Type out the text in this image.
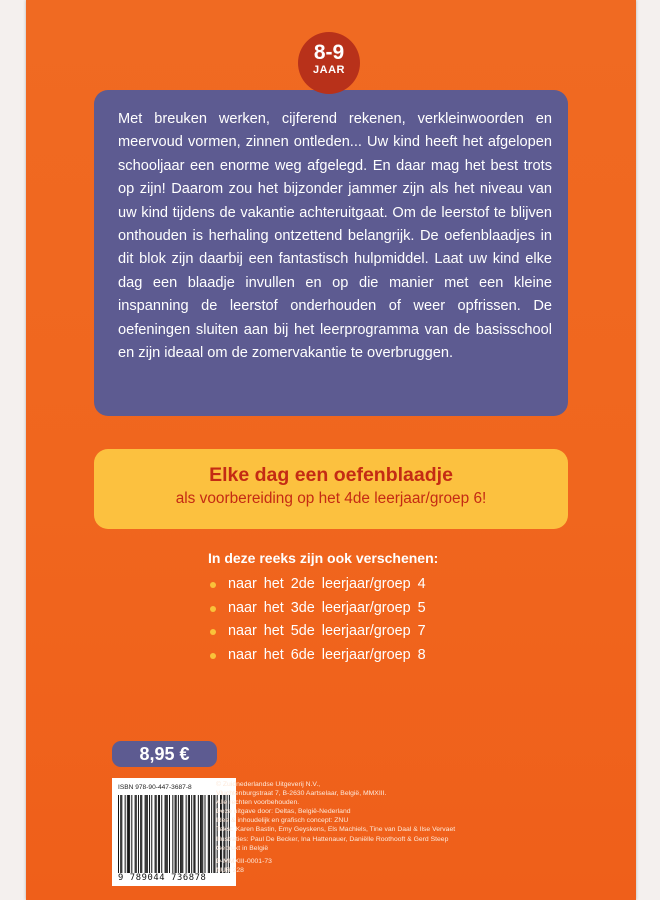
8-9
JAAR
Met breuken werken, cijferend rekenen, verkleinwoorden en meervoud vormen, zinnen ontleden... Uw kind heeft het afgelopen schooljaar een enorme weg afgelegd. En daar mag het best trots op zijn! Daarom zou het bijzonder jammer zijn als het niveau van uw kind tijdens de vakantie achteruitgaat. Om de leerstof te blijven onthouden is herhaling ontzettend belangrijk. De oefenblaadjes in dit blok zijn daarbij een fantastisch hulpmiddel. Laat uw kind elke dag een blaadje invullen en op die manier met een kleine inspanning de leerstof onderhouden of weer opfrissen. De oefeningen sluiten aan bij het leerprogramma van de basisschool en zijn ideaal om de zomervakantie te overbruggen.
Elke dag een oefenblaadje
als voorbereiding op het 4de leerjaar/groep 6!
In deze reeks zijn ook verschenen:
naar het 2de leerjaar/groep 4
naar het 3de leerjaar/groep 5
naar het 5de leerjaar/groep 7
naar het 6de leerjaar/groep 8
8,95 €
ISBN 978-90-447-3687-8
9 789044 736878
© Zuidnederlandse Uitgeverij N.V.,
Vluchtenburgstraat 7, B-2630 Aartselaar, België, MMXIII.
Alle rechten voorbehouden.
Deze uitgave door: Deltas, België-Nederland
Idee & inhoudelijk en grafisch concept: ZNU
Tekst: Karen Bastin, Emy Geyskens, Els Machiels, Tine van Daal & Ilse Vervaet
Illustraties: Paul De Becker, Ina Hattenauer, Daniëlle Roothooft & Gerd Steep
Gedrukt in België
D-MMXIII-0001-73
NUR 228
